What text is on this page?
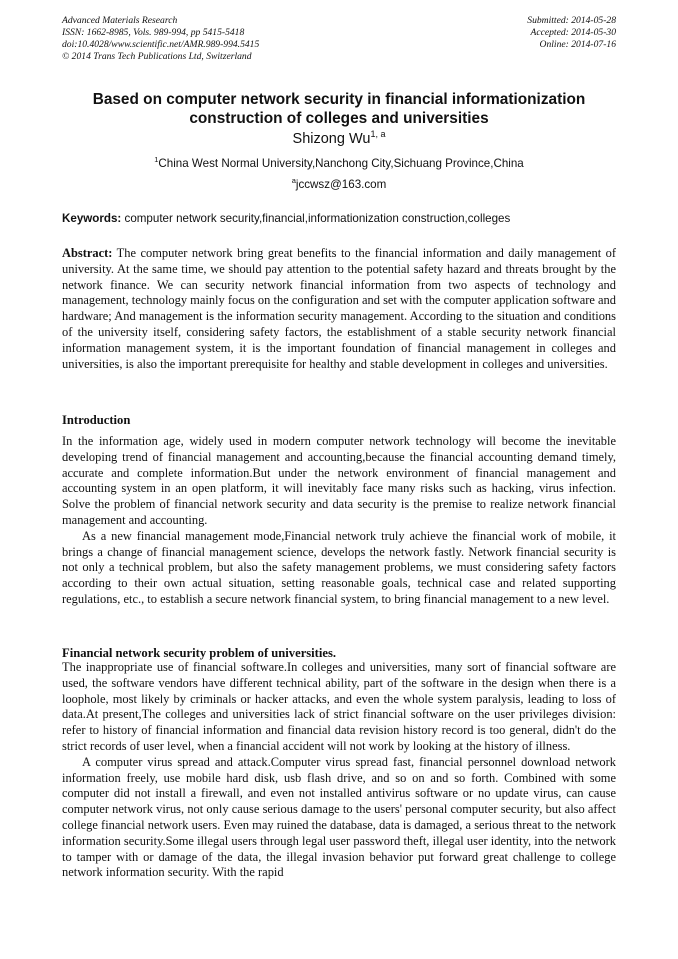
Advanced Materials Research
ISSN: 1662-8985, Vols. 989-994, pp 5415-5418
doi:10.4028/www.scientific.net/AMR.989-994.5415
© 2014 Trans Tech Publications Ltd, Switzerland
Submitted: 2014-05-28
Accepted: 2014-05-30
Online: 2014-07-16
Based on computer network security in financial informationization
construction of colleges and universities
Shizong Wu$^{1, a}$
$^1$China West Normal University,Nanchong City,Sichuang Province,China
$^a$jccwsz@163.com
Keywords: computer network security,financial,informationization construction,colleges

Abstract: The computer network bring great benefits to the financial information and daily management of university. At the same time, we should pay attention to the potential safety hazard and threats brought by the network finance. We can security network financial information from two aspects of technology and management, technology mainly focus on the configuration and set with the computer application software and hardware; And management is the information security management. According to the situation and conditions of the university itself, considering safety factors, the establishment of a stable security network financial information management system, it is the important foundation of financial management in colleges and universities, is also the important prerequisite for healthy and stable development in colleges and universities.

Introduction

In the information age, widely used in modern computer network technology will become the inevitable developing trend of financial management and accounting,because the financial accounting demand timely, accurate and complete information.But under the network environment of financial management and accounting system in an open platform, it will inevitably face many risks such as hacking, virus infection. Solve the problem of financial network security and data security is the premise to realize network financial management and accounting.

As a new financial management mode,Financial network truly achieve the financial work of mobile, it brings a change of financial management science, develops the network fastly. Network financial security is not only a technical problem, but also the safety management problems, we must considering safety factors according to their own actual situation, setting reasonable goals, technical case and related supporting regulations, etc., to establish a secure network financial system, to bring financial management to a new level.

Financial network security problem of universities.

The inappropriate use of financial software.In colleges and universities, many sort of financial software are used, the software vendors have different technical ability, part of the software in the design when there is a loophole, most likely by criminals or hacker attacks, and even the whole system paralysis, leading to loss of data.At present,The colleges and universities lack of strict financial software on the user privileges division: refer to history of financial information and financial data revision history record is too general, didn't do the strict records of user level, when a financial accident will not work by looking at the history of illness.

A computer virus spread and attack.Computer virus spread fast, financial personnel download network information freely, use mobile hard disk, usb flash drive, and so on and so forth. Combined with some computer did not install a firewall, and even not installed antivirus software or no update virus, can cause computer network virus, not only cause serious damage to the users' personal computer security, but also affect college financial network users. Even may ruined the database, data is damaged, a serious threat to the network information security.Some illegal users through legal user password theft, illegal user identity, into the network to tamper with or damage of the data, the illegal invasion behavior put forward great challenge to college network information security. With the rapid
